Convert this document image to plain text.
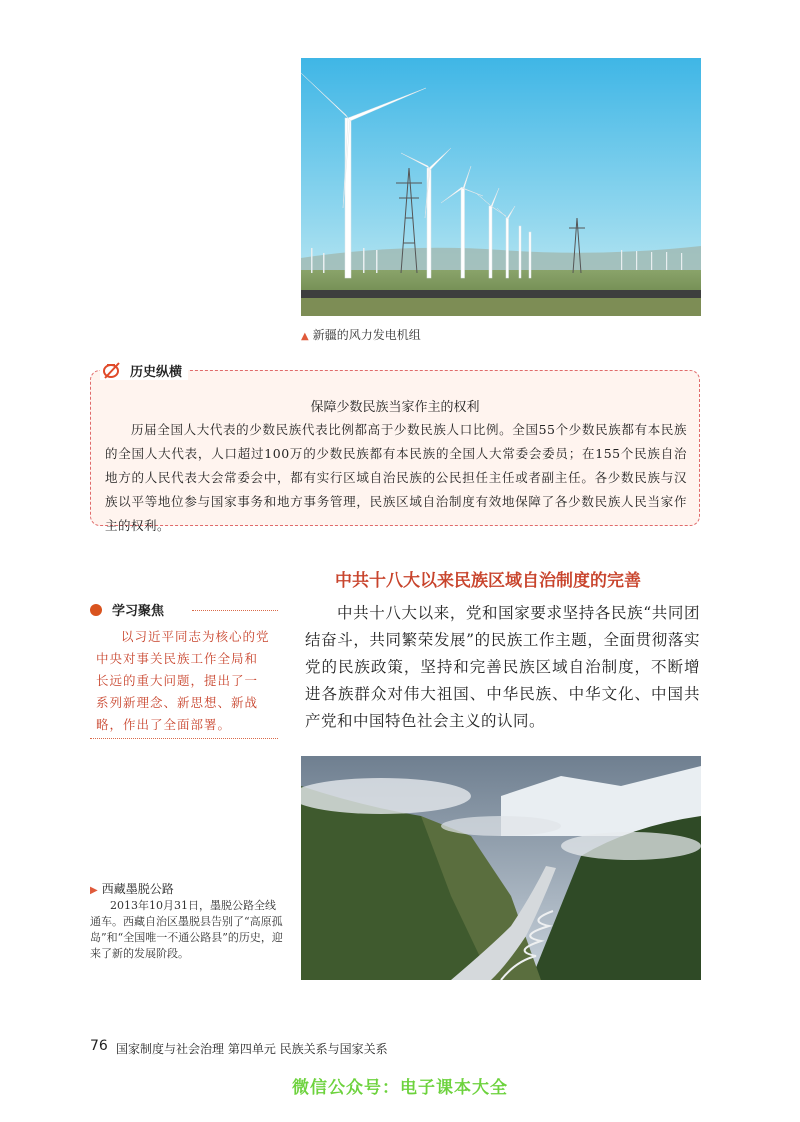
▲ 新疆的风力发电机组
历史纵横
保障少数民族当家作主的权利
历届全国人大代表的少数民族代表比例都高于少数民族人口比例。全国55个少数民族都有本民族的全国人大代表，人口超过100万的少数民族都有本民族的全国人大常委会委员；在155个民族自治地方的人民代表大会常委会中，都有实行区域自治民族的公民担任主任或者副主任。各少数民族与汉族以平等地位参与国家事务和地方事务管理，民族区域自治制度有效地保障了各少数民族人民当家作主的权利。
中共十八大以来民族区域自治制度的完善
学习聚焦
以习近平同志为核心的党中央对事关民族工作全局和长远的重大问题，提出了一系列新理念、新思想、新战略，作出了全面部署。
中共十八大以来，党和国家要求坚持各民族“共同团结奋斗，共同繁荣发展”的民族工作主题，全面贯彻落实党的民族政策，坚持和完善民族区域自治制度，不断增进各族群众对伟大祖国、中华民族、中华文化、中国共产党和中国特色社会主义的认同。
▶ 西藏墨脱公路
2013年10月31日，墨脱公路全线通车。西藏自治区墨脱县告别了“高原孤岛”和“全国唯一不通公路县”的历史，迎来了新的发展阶段。
76 国家制度与社会治理 第四单元 民族关系与国家关系
微信公众号：电子课本大全
